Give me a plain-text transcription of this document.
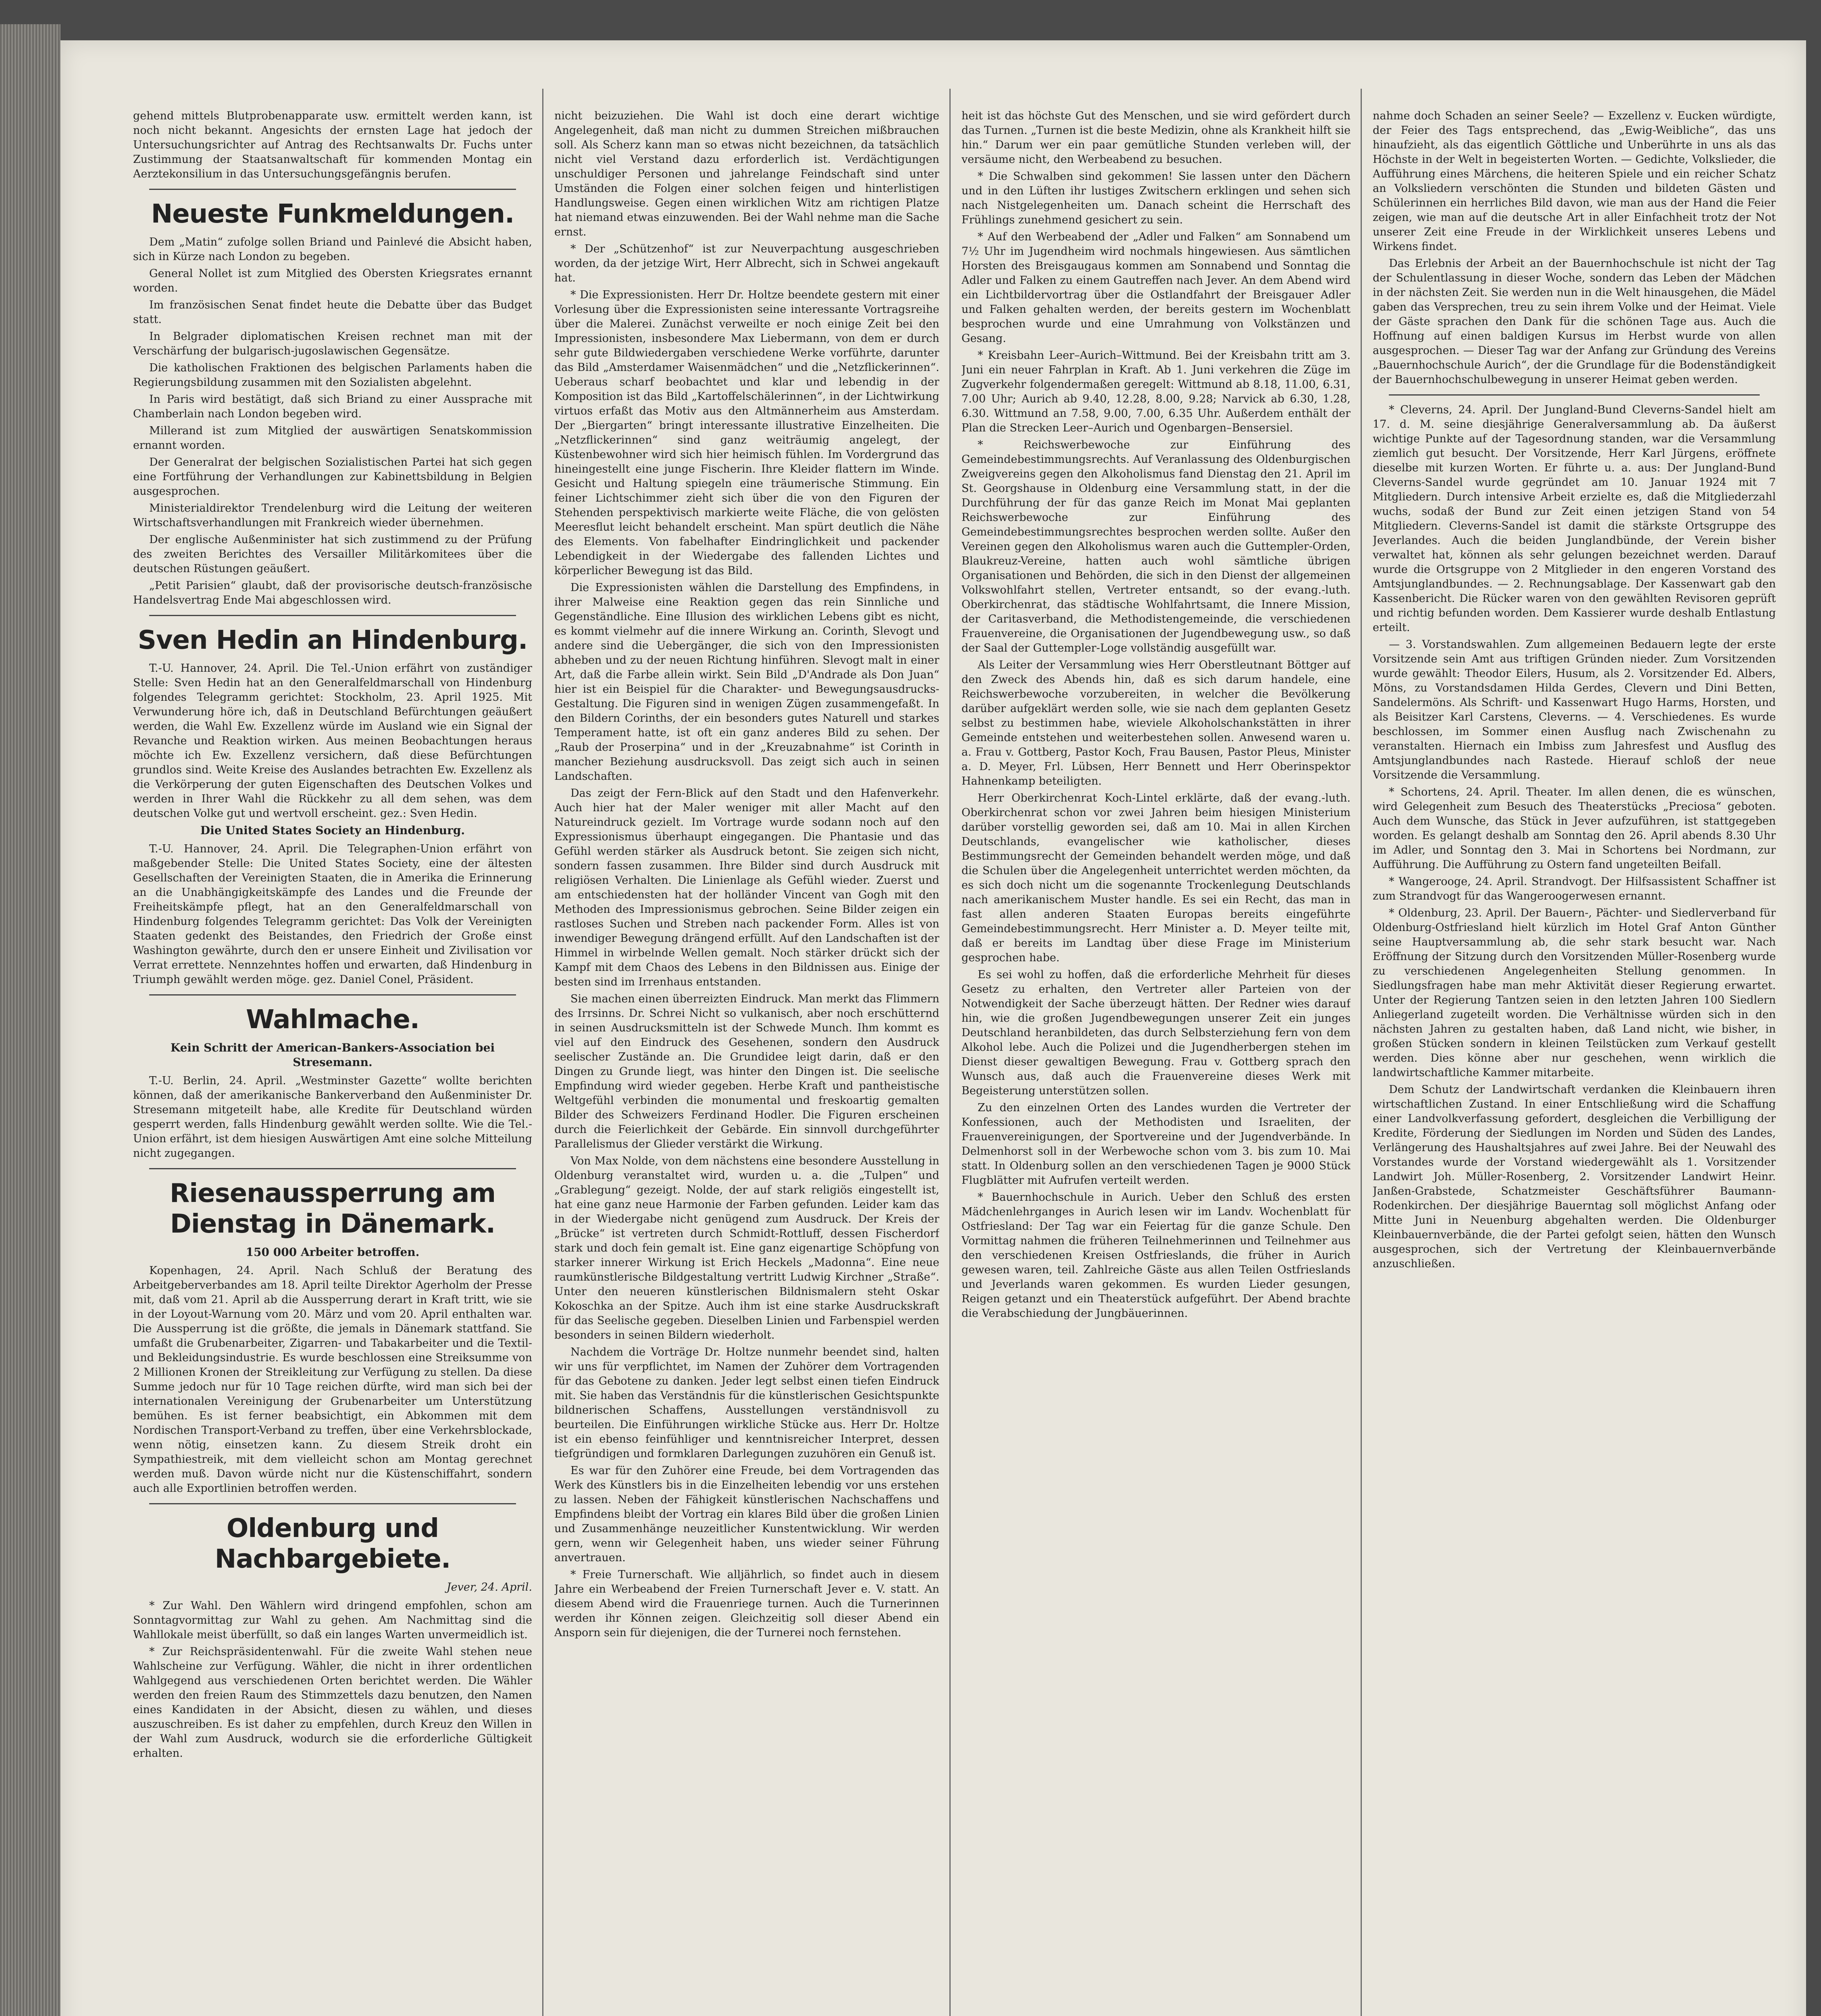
gehend mittels Blutprobenapparate usw. ermittelt werden kann, ist noch nicht bekannt. Angesichts der ernsten Lage hat jedoch der Untersuchungsrichter auf Antrag des Rechtsanwalts Dr. Fuchs unter Zustimmung der Staatsanwaltschaft für kommenden Montag ein Aerztekonsilium in das Untersuchungsgefängnis berufen.

Neueste Funkmeldungen.

Dem „Matin“ zufolge sollen Briand und Painlevé die Absicht haben, sich in Kürze nach London zu begeben.

General Nollet ist zum Mitglied des Obersten Kriegsrates ernannt worden.

Im französischen Senat findet heute die Debatte über das Budget statt.

In Belgrader diplomatischen Kreisen rechnet man mit der Verschärfung der bulgarisch-jugoslawischen Gegensätze.

Die katholischen Fraktionen des belgischen Parlaments haben die Regierungsbildung zusammen mit den Sozialisten abgelehnt.

In Paris wird bestätigt, daß sich Briand zu einer Aussprache mit Chamberlain nach London begeben wird.

Millerand ist zum Mitglied der auswärtigen Senatskommission ernannt worden.

Der Generalrat der belgischen Sozialistischen Partei hat sich gegen eine Fortführung der Verhandlungen zur Kabinettsbildung in Belgien ausgesprochen.

Ministerialdirektor Trendelenburg wird die Leitung der weiteren Wirtschaftsverhandlungen mit Frankreich wieder übernehmen.

Der englische Außenminister hat sich zustimmend zu der Prüfung des zweiten Berichtes des Versailler Militärkomitees über die deutschen Rüstungen geäußert.

„Petit Parisien“ glaubt, daß der provisorische deutsch-französische Handelsvertrag Ende Mai abgeschlossen wird.

Sven Hedin an Hindenburg.

T.-U. Hannover, 24. April. Die Tel.-Union erfährt von zuständiger Stelle: Sven Hedin hat an den Generalfeldmarschall von Hindenburg folgendes Telegramm gerichtet: Stockholm, 23. April 1925. Mit Verwunderung höre ich, daß in Deutschland Befürchtungen geäußert werden, die Wahl Ew. Exzellenz würde im Ausland wie ein Signal der Revanche und Reaktion wirken. Aus meinen Beobachtungen heraus möchte ich Ew. Exzellenz versichern, daß diese Befürchtungen grundlos sind. Weite Kreise des Auslandes betrachten Ew. Exzellenz als die Verkörperung der guten Eigenschaften des Deutschen Volkes und werden in Ihrer Wahl die Rückkehr zu all dem sehen, was dem deutschen Volke gut und wertvoll erscheint. gez.: Sven Hedin.

Die United States Society an Hindenburg.

T.-U. Hannover, 24. April. Die Telegraphen-Union erfährt von maßgebender Stelle: Die United States Society, eine der ältesten Gesellschaften der Vereinigten Staaten, die in Amerika die Erinnerung an die Unabhängigkeitskämpfe des Landes und die Freunde der Freiheitskämpfe pflegt, hat an den Generalfeldmarschall von Hindenburg folgendes Telegramm gerichtet: Das Volk der Vereinigten Staaten gedenkt des Beistandes, den Friedrich der Große einst Washington gewährte, durch den er unsere Einheit und Zivilisation vor Verrat errettete. Nennzehntes hoffen und erwarten, daß Hindenburg in Triumph gewählt werden möge. gez. Daniel Conel, Präsident.

Wahlmache.
Kein Schritt der American-Bankers-Association bei Stresemann.

T.-U. Berlin, 24. April. „Westminster Gazette“ wollte berichten können, daß der amerikanische Bankerverband den Außenminister Dr. Stresemann mitgeteilt habe, alle Kredite für Deutschland würden gesperrt werden, falls Hindenburg gewählt werden sollte. Wie die Tel.-Union erfährt, ist dem hiesigen Auswärtigen Amt eine solche Mitteilung nicht zugegangen.

Riesenaussperrung am Dienstag in Dänemark.
150 000 Arbeiter betroffen.

Kopenhagen, 24. April. Nach Schluß der Beratung des Arbeitgeberverbandes am 18. April teilte Direktor Agerholm der Presse mit, daß vom 21. April ab die Aussperrung derart in Kraft tritt, wie sie in der Loyout-Warnung vom 20. März und vom 20. April enthalten war. Die Aussperrung ist die größte, die jemals in Dänemark stattfand. Sie umfaßt die Grubenarbeiter, Zigarren- und Tabakarbeiter und die Textil- und Bekleidungsindustrie. Es wurde beschlossen eine Streiksumme von 2 Millionen Kronen der Streikleitung zur Verfügung zu stellen. Da diese Summe jedoch nur für 10 Tage reichen dürfte, wird man sich bei der internationalen Vereinigung der Grubenarbeiter um Unterstützung bemühen. Es ist ferner beabsichtigt, ein Abkommen mit dem Nordischen Transport-Verband zu treffen, über eine Verkehrsblockade, wenn nötig, einsetzen kann. Zu diesem Streik droht ein Sympathiestreik, mit dem vielleicht schon am Montag gerechnet werden muß. Davon würde nicht nur die Küstenschiffahrt, sondern auch alle Exportlinien betroffen werden.

Oldenburg und Nachbargebiete.
Jever, 24. April.

* Zur Wahl. Den Wählern wird dringend empfohlen, schon am Sonntagvormittag zur Wahl zu gehen. Am Nachmittag sind die Wahllokale meist überfüllt, so daß ein langes Warten unvermeidlich ist.

* Zur Reichspräsidentenwahl. Für die zweite Wahl stehen neue Wahlscheine zur Verfügung. Wähler, die nicht in ihrer ordentlichen Wahlgegend aus verschiedenen Orten berichtet werden. Die Wähler werden den freien Raum des Stimmzettels dazu benutzen, den Namen eines Kandidaten in der Absicht, diesen zu wählen, und dieses auszuschreiben. Es ist daher zu empfehlen, durch Kreuz den Willen in der Wahl zum Ausdruck, wodurch sie die erforderliche Gültigkeit erhalten.

nicht beizuziehen. Die Wahl ist doch eine derart wichtige Angelegenheit, daß man nicht zu dummen Streichen mißbrauchen soll. Als Scherz kann man so etwas nicht bezeichnen, da tatsächlich nicht viel Verstand dazu erforderlich ist. Verdächtigungen unschuldiger Personen und jahrelange Feindschaft sind unter Umständen die Folgen einer solchen feigen und hinterlistigen Handlungsweise. Gegen einen wirklichen Witz am richtigen Platze hat niemand etwas einzuwenden. Bei der Wahl nehme man die Sache ernst.

* Der „Schützenhof“ ist zur Neuverpachtung ausgeschrieben worden, da der jetzige Wirt, Herr Albrecht, sich in Schwei angekauft hat.

* Die Expressionisten. Herr Dr. Holtze beendete gestern mit einer Vorlesung über die Expressionisten seine interessante Vortragsreihe über die Malerei. Zunächst verweilte er noch einige Zeit bei den Impressionisten, insbesondere Max Liebermann, von dem er durch sehr gute Bildwiedergaben verschiedene Werke vorführte, darunter das Bild „Amsterdamer Waisenmädchen“ und die „Netzflickerinnen“. Ueberaus scharf beobachtet und klar und lebendig in der Komposition ist das Bild „Kartoffelschälerinnen“, in der Lichtwirkung virtuos erfaßt das Motiv aus den Altmännerheim aus Amsterdam. Der „Biergarten“ bringt interessante illustrative Einzelheiten. Die „Netzflickerinnen“ sind ganz weiträumig angelegt, der Küstenbewohner wird sich hier heimisch fühlen. Im Vordergrund das hineingestellt eine junge Fischerin. Ihre Kleider flattern im Winde. Gesicht und Haltung spiegeln eine träumerische Stimmung. Ein feiner Lichtschimmer zieht sich über die von den Figuren der Stehenden perspektivisch markierte weite Fläche, die von gelösten Meeresflut leicht behandelt erscheint. Man spürt deutlich die Nähe des Elements. Von fabelhafter Eindringlichkeit und packender Lebendigkeit in der Wiedergabe des fallenden Lichtes und körperlicher Bewegung ist das Bild.

Die Expressionisten wählen die Darstellung des Empfindens, in ihrer Malweise eine Reaktion gegen das rein Sinnliche und Gegenständliche. Eine Illusion des wirklichen Lebens gibt es nicht, es kommt vielmehr auf die innere Wirkung an. Corinth, Slevogt und andere sind die Uebergänger, die sich von den Impressionisten abheben und zu der neuen Richtung hinführen. Slevogt malt in einer Art, daß die Farbe allein wirkt. Sein Bild „D'Andrade als Don Juan“ hier ist ein Beispiel für die Charakter- und Bewegungsausdrucks-Gestaltung. Die Figuren sind in wenigen Zügen zusammengefaßt. In den Bildern Corinths, der ein besonders gutes Naturell und starkes Temperament hatte, ist oft ein ganz anderes Bild zu sehen. Der „Raub der Proserpina“ und in der „Kreuzabnahme“ ist Corinth in mancher Beziehung ausdrucksvoll. Das zeigt sich auch in seinen Landschaften.

Das zeigt der Fern-Blick auf den Stadt und den Hafenverkehr. Auch hier hat der Maler weniger mit aller Macht auf den Natureindruck gezielt. Im Vortrage wurde sodann noch auf den Expressionismus überhaupt eingegangen. Die Phantasie und das Gefühl werden stärker als Ausdruck betont. Sie zeigen sich nicht, sondern fassen zusammen. Ihre Bilder sind durch Ausdruck mit religiösen Verhalten. Die Linienlage als Gefühl wieder. Zuerst und am entschiedensten hat der holländer Vincent van Gogh mit den Methoden des Impressionismus gebrochen. Seine Bilder zeigen ein rastloses Suchen und Streben nach packender Form. Alles ist von inwendiger Bewegung drängend erfüllt. Auf den Landschaften ist der Himmel in wirbelnde Wellen gemalt. Noch stärker drückt sich der Kampf mit dem Chaos des Lebens in den Bildnissen aus. Einige der besten sind im Irrenhaus entstanden.

Sie machen einen überreizten Eindruck. Man merkt das Flimmern des Irrsinns. Dr. Schrei Nicht so vulkanisch, aber noch erschütternd in seinen Ausdrucksmitteln ist der Schwede Munch. Ihm kommt es viel auf den Eindruck des Gesehenen, sondern den Ausdruck seelischer Zustände an. Die Grundidee leigt darin, daß er den Dingen zu Grunde liegt, was hinter den Dingen ist. Die seelische Empfindung wird wieder gegeben. Herbe Kraft und pantheistische Weltgefühl verbinden die monumental und freskoartig gemalten Bilder des Schweizers Ferdinand Hodler. Die Figuren erscheinen durch die Feierlichkeit der Gebärde. Ein sinnvoll durchgeführter Parallelismus der Glieder verstärkt die Wirkung.

Von Max Nolde, von dem nächstens eine besondere Ausstellung in Oldenburg veranstaltet wird, wurden u. a. die „Tulpen“ und „Grablegung“ gezeigt. Nolde, der auf stark religiös eingestellt ist, hat eine ganz neue Harmonie der Farben gefunden. Leider kam das in der Wiedergabe nicht genügend zum Ausdruck. Der Kreis der „Brücke“ ist vertreten durch Schmidt-Rottluff, dessen Fischerdorf stark und doch fein gemalt ist. Eine ganz eigenartige Schöpfung von starker innerer Wirkung ist Erich Heckels „Madonna“. Eine neue raumkünstlerische Bildgestaltung vertritt Ludwig Kirchner „Straße“. Unter den neueren künstlerischen Bildnismalern steht Oskar Kokoschka an der Spitze. Auch ihm ist eine starke Ausdruckskraft für das Seelische gegeben. Dieselben Linien und Farbenspiel werden besonders in seinen Bildern wiederholt.

Nachdem die Vorträge Dr. Holtze nunmehr beendet sind, halten wir uns für verpflichtet, im Namen der Zuhörer dem Vortragenden für das Gebotene zu danken. Jeder legt selbst einen tiefen Eindruck mit. Sie haben das Verständnis für die künstlerischen Gesichtspunkte bildnerischen Schaffens, Ausstellungen verständnisvoll zu beurteilen. Die Einführungen wirkliche Stücke aus. Herr Dr. Holtze ist ein ebenso feinfühliger und kenntnisreicher Interpret, dessen tiefgründigen und formklaren Darlegungen zuzuhören ein Genuß ist.

Es war für den Zuhörer eine Freude, bei dem Vortragenden das Werk des Künstlers bis in die Einzelheiten lebendig vor uns erstehen zu lassen. Neben der Fähigkeit künstlerischen Nachschaffens und Empfindens bleibt der Vortrag ein klares Bild über die großen Linien und Zusammenhänge neuzeitlicher Kunstentwicklung. Wir werden gern, wenn wir Gelegenheit haben, uns wieder seiner Führung anvertrauen.

* Freie Turnerschaft. Wie alljährlich, so findet auch in diesem Jahre ein Werbeabend der Freien Turnerschaft Jever e. V. statt. An diesem Abend wird die Frauenriege turnen. Auch die Turnerinnen werden ihr Können zeigen. Gleichzeitig soll dieser Abend ein Ansporn sein für diejenigen, die der Turnerei noch fernstehen.

heit ist das höchste Gut des Menschen, und sie wird gefördert durch das Turnen. „Turnen ist die beste Medizin, ohne als Krankheit hilft sie hin.“ Darum wer ein paar gemütliche Stunden verleben will, der versäume nicht, den Werbeabend zu besuchen.

* Die Schwalben sind gekommen! Sie lassen unter den Dächern und in den Lüften ihr lustiges Zwitschern erklingen und sehen sich nach Nistgelegenheiten um. Danach scheint die Herrschaft des Frühlings zunehmend gesichert zu sein.

* Auf den Werbeabend der „Adler und Falken“ am Sonnabend um 7½ Uhr im Jugendheim wird nochmals hingewiesen. Aus sämtlichen Horsten des Breisgaugaus kommen am Sonnabend und Sonntag die Adler und Falken zu einem Gautreffen nach Jever. An dem Abend wird ein Lichtbildervortrag über die Ostlandfahrt der Breisgauer Adler und Falken gehalten werden, der bereits gestern im Wochenblatt besprochen wurde und eine Umrahmung von Volkstänzen und Gesang.

* Kreisbahn Leer–Aurich–Wittmund. Bei der Kreisbahn tritt am 3. Juni ein neuer Fahrplan in Kraft. Ab 1. Juni verkehren die Züge im Zugverkehr folgendermaßen geregelt: Wittmund ab 8.18, 11.00, 6.31, 7.00 Uhr; Aurich ab 9.40, 12.28, 8.00, 9.28; Narvick ab 6.30, 1.28, 6.30. Wittmund an 7.58, 9.00, 7.00, 6.35 Uhr. Außerdem enthält der Plan die Strecken Leer–Aurich und Ogenbargen–Bensersiel.

* Reichswerbewoche zur Einführung des Gemeindebestimmungsrechts. Auf Veranlassung des Oldenburgischen Zweigvereins gegen den Alkoholismus fand Dienstag den 21. April im St. Georgshause in Oldenburg eine Versammlung statt, in der die Durchführung der für das ganze Reich im Monat Mai geplanten Reichswerbewoche zur Einführung des Gemeindebestimmungsrechtes besprochen werden sollte. Außer den Vereinen gegen den Alkoholismus waren auch die Guttempler-Orden, Blaukreuz-Vereine, hatten auch wohl sämtliche übrigen Organisationen und Behörden, die sich in den Dienst der allgemeinen Volkswohlfahrt stellen, Vertreter entsandt, so der evang.-luth. Oberkirchenrat, das städtische Wohlfahrtsamt, die Innere Mission, der Caritasverband, die Methodistengemeinde, die verschiedenen Frauenvereine, die Organisationen der Jugendbewegung usw., so daß der Saal der Guttempler-Loge vollständig ausgefüllt war.

Als Leiter der Versammlung wies Herr Oberstleutnant Böttger auf den Zweck des Abends hin, daß es sich darum handele, eine Reichswerbewoche vorzubereiten, in welcher die Bevölkerung darüber aufgeklärt werden solle, wie sie nach dem geplanten Gesetz selbst zu bestimmen habe, wieviele Alkoholschankstätten in ihrer Gemeinde entstehen und weiterbestehen sollen. Anwesend waren u. a. Frau v. Gottberg, Pastor Koch, Frau Bausen, Pastor Pleus, Minister a. D. Meyer, Frl. Lübsen, Herr Bennett und Herr Oberinspektor Hahnenkamp beteiligten.

Herr Oberkirchenrat Koch-Lintel erklärte, daß der evang.-luth. Oberkirchenrat schon vor zwei Jahren beim hiesigen Ministerium darüber vorstellig geworden sei, daß am 10. Mai in allen Kirchen Deutschlands, evangelischer wie katholischer, dieses Bestimmungsrecht der Gemeinden behandelt werden möge, und daß die Schulen über die Angelegenheit unterrichtet werden möchten, da es sich doch nicht um die sogenannte Trockenlegung Deutschlands nach amerikanischem Muster handle. Es sei ein Recht, das man in fast allen anderen Staaten Europas bereits eingeführte Gemeindebestimmungsrecht. Herr Minister a. D. Meyer teilte mit, daß er bereits im Landtag über diese Frage im Ministerium gesprochen habe.

Es sei wohl zu hoffen, daß die erforderliche Mehrheit für dieses Gesetz zu erhalten, den Vertreter aller Parteien von der Notwendigkeit der Sache überzeugt hätten. Der Redner wies darauf hin, wie die großen Jugendbewegungen unserer Zeit ein junges Deutschland heranbildeten, das durch Selbsterziehung fern von dem Alkohol lebe. Auch die Polizei und die Jugendherbergen stehen im Dienst dieser gewaltigen Bewegung. Frau v. Gottberg sprach den Wunsch aus, daß auch die Frauenvereine dieses Werk mit Begeisterung unterstützen sollen.

Zu den einzelnen Orten des Landes wurden die Vertreter der Konfessionen, auch der Methodisten und Israeliten, der Frauenvereinigungen, der Sportvereine und der Jugendverbände. In Delmenhorst soll in der Werbewoche schon vom 3. bis zum 10. Mai statt. In Oldenburg sollen an den verschiedenen Tagen je 9000 Stück Flugblätter mit Aufrufen verteilt werden.

* Bauernhochschule in Aurich. Ueber den Schluß des ersten Mädchenlehrganges in Aurich lesen wir im Landv. Wochenblatt für Ostfriesland: Der Tag war ein Feiertag für die ganze Schule. Den Vormittag nahmen die früheren Teilnehmerinnen und Teilnehmer aus den verschiedenen Kreisen Ostfrieslands, die früher in Aurich gewesen waren, teil. Zahlreiche Gäste aus allen Teilen Ostfrieslands und Jeverlands waren gekommen. Es wurden Lieder gesungen, Reigen getanzt und ein Theaterstück aufgeführt. Der Abend brachte die Verabschiedung der Jungbäuerinnen.

nahme doch Schaden an seiner Seele? — Exzellenz v. Eucken würdigte, der Feier des Tags entsprechend, das „Ewig-Weibliche“, das uns hinaufzieht, als das eigentlich Göttliche und Unberührte in uns als das Höchste in der Welt in begeisterten Worten. — Gedichte, Volkslieder, die Aufführung eines Märchens, die heiteren Spiele und ein reicher Schatz an Volksliedern verschönten die Stunden und bildeten Gästen und Schülerinnen ein herrliches Bild davon, wie man aus der Hand die Feier zeigen, wie man auf die deutsche Art in aller Einfachheit trotz der Not unserer Zeit eine Freude in der Wirklichkeit unseres Lebens und Wirkens findet.

Das Erlebnis der Arbeit an der Bauernhochschule ist nicht der Tag der Schulentlassung in dieser Woche, sondern das Leben der Mädchen in der nächsten Zeit. Sie werden nun in die Welt hinausgehen, die Mädel gaben das Versprechen, treu zu sein ihrem Volke und der Heimat. Viele der Gäste sprachen den Dank für die schönen Tage aus. Auch die Hoffnung auf einen baldigen Kursus im Herbst wurde von allen ausgesprochen. — Dieser Tag war der Anfang zur Gründung des Vereins „Bauernhochschule Aurich“, der die Grundlage für die Bodenständigkeit der Bauernhochschulbewegung in unserer Heimat geben werden.

* Cleverns, 24. April. Der Jungland-Bund Cleverns-Sandel hielt am 17. d. M. seine diesjährige Generalversammlung ab. Da äußerst wichtige Punkte auf der Tagesordnung standen, war die Versammlung ziemlich gut besucht. Der Vorsitzende, Herr Karl Jürgens, eröffnete dieselbe mit kurzen Worten. Er führte u. a. aus: Der Jungland-Bund Cleverns-Sandel wurde gegründet am 10. Januar 1924 mit 7 Mitgliedern. Durch intensive Arbeit erzielte es, daß die Mitgliederzahl wuchs, sodaß der Bund zur Zeit einen jetzigen Stand von 54 Mitgliedern. Cleverns-Sandel ist damit die stärkste Ortsgruppe des Jeverlandes. Auch die beiden Junglandbünde, der Verein bisher verwaltet hat, können als sehr gelungen bezeichnet werden. Darauf wurde die Ortsgruppe von 2 Mitglieder in den engeren Vorstand des Amtsjunglandbundes. — 2. Rechnungsablage. Der Kassenwart gab den Kassenbericht. Die Rücker waren von den gewählten Revisoren geprüft und richtig befunden worden. Dem Kassierer wurde deshalb Entlastung erteilt.

— 3. Vorstandswahlen. Zum allgemeinen Bedauern legte der erste Vorsitzende sein Amt aus triftigen Gründen nieder. Zum Vorsitzenden wurde gewählt: Theodor Eilers, Husum, als 2. Vorsitzender Ed. Albers, Möns, zu Vorstandsdamen Hilda Gerdes, Clevern und Dini Betten, Sandelermöns. Als Schrift- und Kassenwart Hugo Harms, Horsten, und als Beisitzer Karl Carstens, Cleverns. — 4. Verschiedenes. Es wurde beschlossen, im Sommer einen Ausflug nach Zwischenahn zu veranstalten. Hiernach ein Imbiss zum Jahresfest und Ausflug des Amtsjunglandbundes nach Rastede. Hierauf schloß der neue Vorsitzende die Versammlung.

* Schortens, 24. April. Theater. Im allen denen, die es wünschen, wird Gelegenheit zum Besuch des Theaterstücks „Preciosa“ geboten. Auch dem Wunsche, das Stück in Jever aufzuführen, ist stattgegeben worden. Es gelangt deshalb am Sonntag den 26. April abends 8.30 Uhr im Adler, und Sonntag den 3. Mai in Schortens bei Nordmann, zur Aufführung. Die Aufführung zu Ostern fand ungeteilten Beifall.

* Wangerooge, 24. April. Strandvogt. Der Hilfsassistent Schaffner ist zum Strandvogt für das Wangeroogerwesen ernannt.

* Oldenburg, 23. April. Der Bauern-, Pächter- und Siedlerverband für Oldenburg-Ostfriesland hielt kürzlich im Hotel Graf Anton Günther seine Hauptversammlung ab, die sehr stark besucht war. Nach Eröffnung der Sitzung durch den Vorsitzenden Müller-Rosenberg wurde zu verschiedenen Angelegenheiten Stellung genommen. In Siedlungsfragen habe man mehr Aktivität dieser Regierung erwartet. Unter der Regierung Tantzen seien in den letzten Jahren 100 Siedlern Anliegerland zugeteilt worden. Die Verhältnisse würden sich in den nächsten Jahren zu gestalten haben, daß Land nicht, wie bisher, in großen Stücken sondern in kleinen Teilstücken zum Verkauf gestellt werden. Dies könne aber nur geschehen, wenn wirklich die landwirtschaftliche Kammer mitarbeite.

Dem Schutz der Landwirtschaft verdanken die Kleinbauern ihren wirtschaftlichen Zustand. In einer Entschließung wird die Schaffung einer Landvolkverfassung gefordert, desgleichen die Verbilligung der Kredite, Förderung der Siedlungen im Norden und Süden des Landes, Verlängerung des Haushaltsjahres auf zwei Jahre. Bei der Neuwahl des Vorstandes wurde der Vorstand wiedergewählt als 1. Vorsitzender Landwirt Joh. Müller-Rosenberg, 2. Vorsitzender Landwirt Heinr. Janßen-Grabstede, Schatzmeister Geschäftsführer Baumann-Rodenkirchen. Der diesjährige Bauerntag soll möglichst Anfang oder Mitte Juni in Neuenburg abgehalten werden. Die Oldenburger Kleinbauernverbände, die der Partei gefolgt seien, hätten den Wunsch ausgesprochen, sich der Vertretung der Kleinbauernverbände anzuschließen.
